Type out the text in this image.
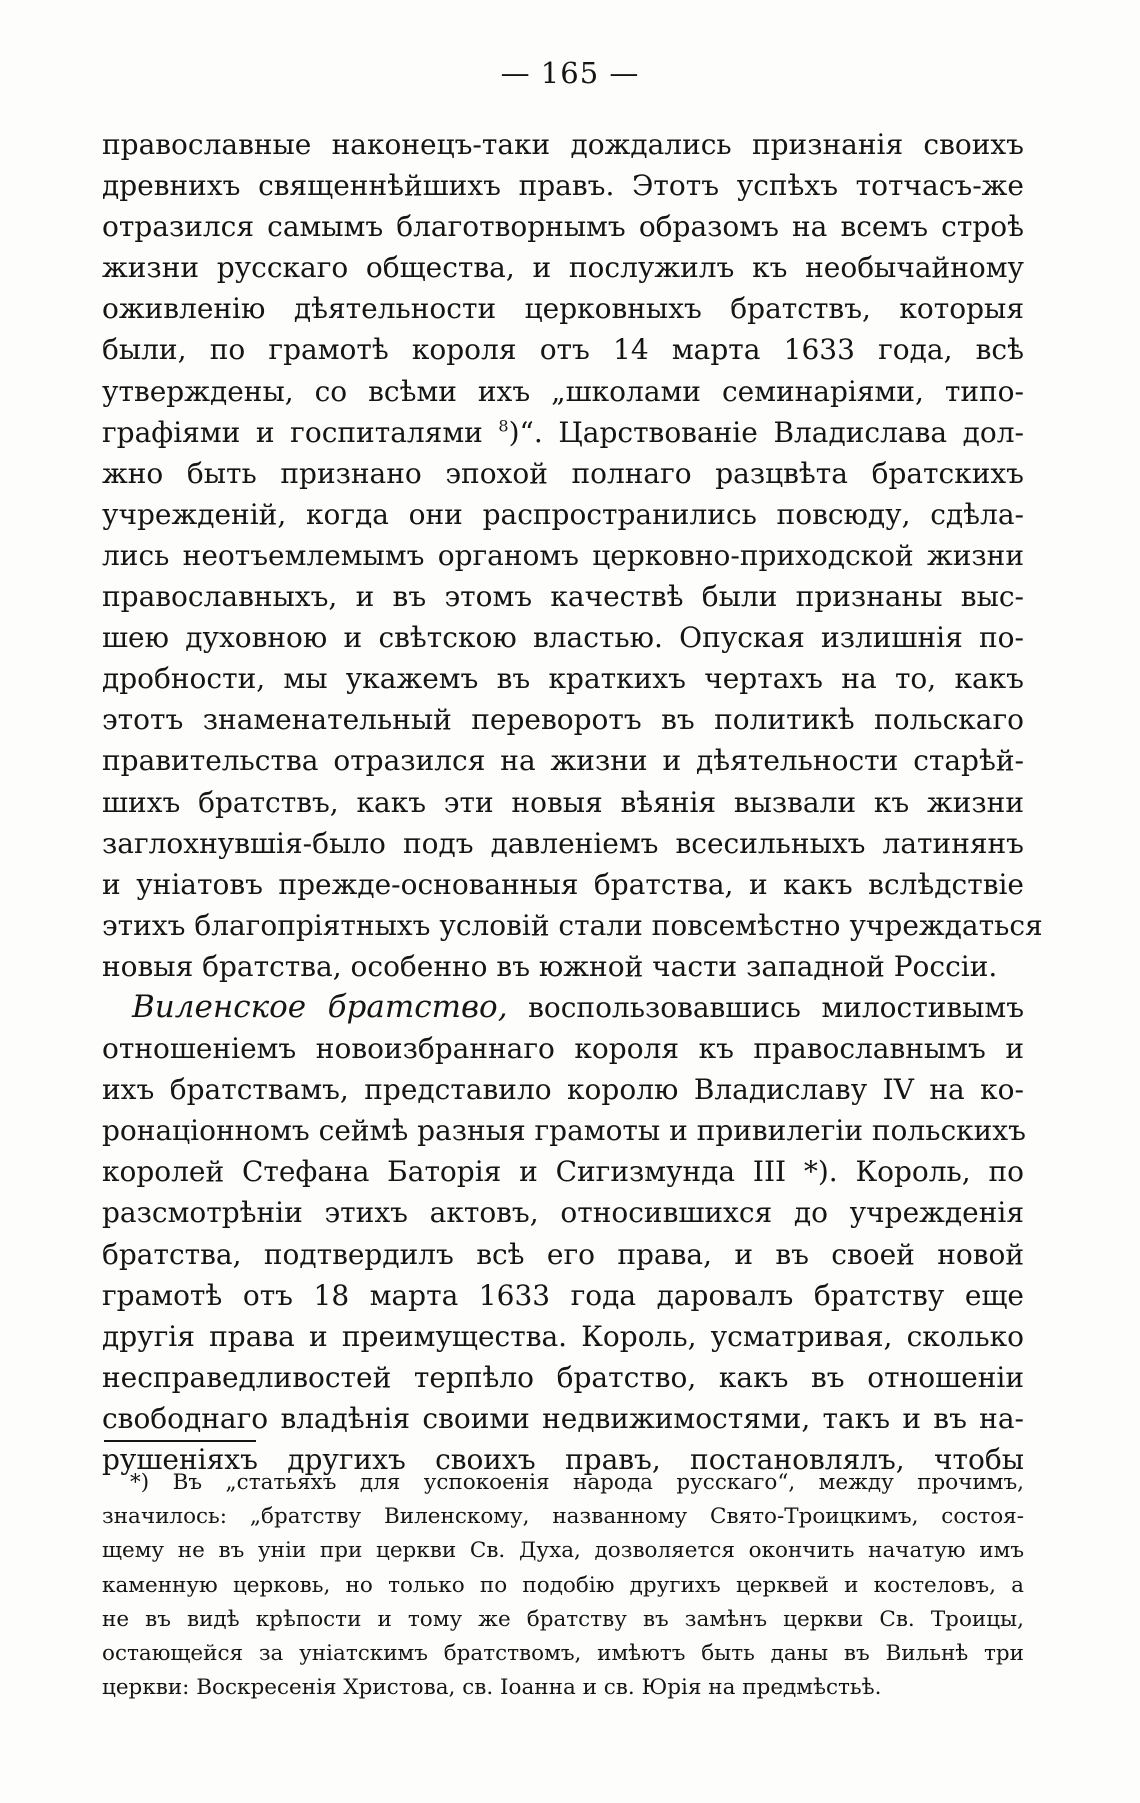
— 165 —
православные наконецъ-таки дождались признанія своихъ
древнихъ священнѣйшихъ правъ. Этотъ успѣхъ тотчасъ-же
отразился самымъ благотворнымъ образомъ на всемъ строѣ
жизни русскаго общества, и послужилъ къ необычайному
оживленію дѣятельности церковныхъ братствъ, которыя
были, по грамотѣ короля отъ 14 марта 1633 года, всѣ
утверждены, со всѣми ихъ „школами семинаріями, типо-
графіями и госпиталями $^8$)“. Царствованіе Владислава дол-
жно быть признано эпохой полнаго разцвѣта братскихъ
учрежденій, когда они распространились повсюду, сдѣла-
лись неотъемлемымъ органомъ церковно-приходской жизни
православныхъ, и въ этомъ качествѣ были признаны выс-
шею духовною и свѣтскою властью. Опуская излишнія по-
дробности, мы укажемъ въ краткихъ чертахъ на то, какъ
этотъ знаменательный переворотъ въ политикѣ польскаго
правительства отразился на жизни и дѣятельности старѣй-
шихъ братствъ, какъ эти новыя вѣянія вызвали къ жизни
заглохнувшія-было подъ давленіемъ всесильныхъ латинянъ
и уніатовъ прежде-основанныя братства, и какъ вслѣдствіе
этихъ благопріятныхъ условій стали повсемѣстно учреждаться
новыя братства, особенно въ южной части западной Россіи.
Виленское братство, воспользовавшись милостивымъ
отношеніемъ новоизбраннаго короля къ православнымъ и
ихъ братствамъ, представило королю Владиславу IV на ко-
ронаціонномъ сеймѣ разныя грамоты и привилегіи польскихъ
королей Стефана Баторія и Сигизмунда III *). Король, по
разсмотрѣніи этихъ актовъ, относившихся до учрежденія
братства, подтвердилъ всѣ его права, и въ своей новой
грамотѣ отъ 18 марта 1633 года даровалъ братству еще
другія права и преимущества. Король, усматривая, сколько
несправедливостей терпѣло братство, какъ въ отношеніи
свободнаго владѣнія своими недвижимостями, такъ и въ на-
рушеніяхъ другихъ своихъ правъ, постановлялъ, чтобы
*) Въ „статьяхъ для успокоенія народа русскаго“, между прочимъ,
значилось: „братству Виленскому, названному Свято-Троицкимъ, состоя-
щему не въ уніи при церкви Св. Духа, дозволяется окончить начатую имъ
каменную церковь, но только по подобію другихъ церквей и костеловъ, а
не въ видѣ крѣпости и тому же братству въ замѣнъ церкви Св. Троицы,
остающейся за уніатскимъ братствомъ, имѣютъ быть даны въ Вильнѣ три
церкви: Воскресенія Христова, св. Іоанна и св. Юрія на предмѣстьѣ.
